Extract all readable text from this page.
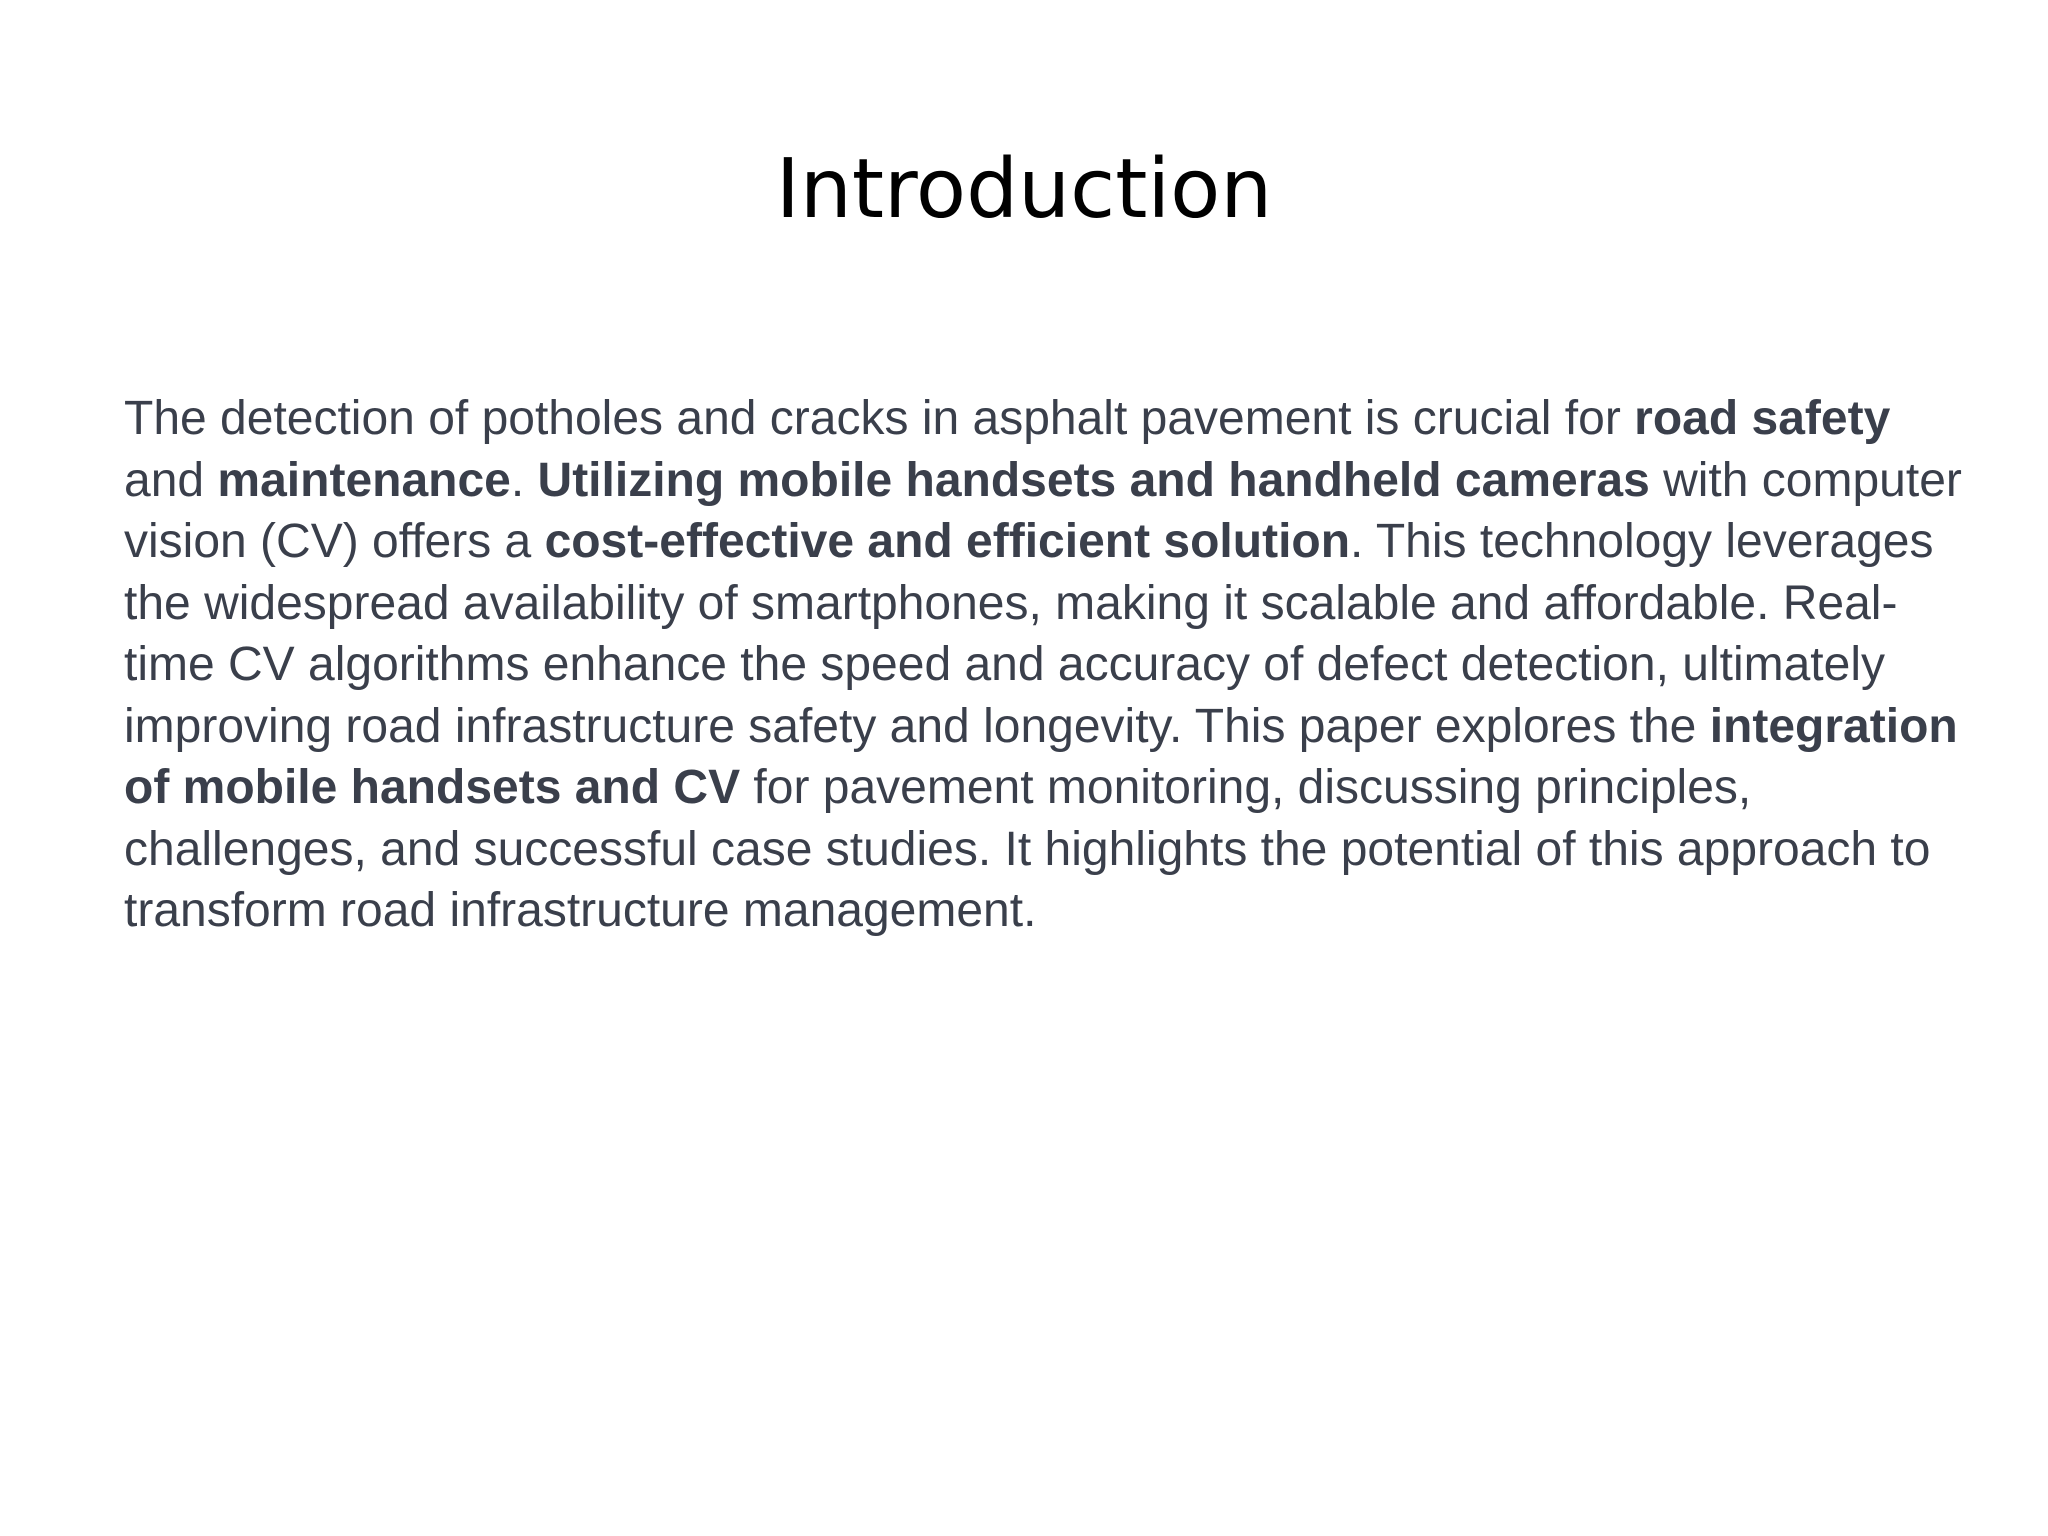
Introduction

The detection of potholes and cracks in asphalt pavement is crucial for road safety and maintenance. Utilizing mobile handsets and handheld cameras with computer vision (CV) offers a cost-effective and efficient solution. This technology leverages the widespread availability of smartphones, making it scalable and affordable. Real-time CV algorithms enhance the speed and accuracy of defect detection, ultimately improving road infrastructure safety and longevity. This paper explores the integration of mobile handsets and CV for pavement monitoring, discussing principles, challenges, and successful case studies. It highlights the potential of this approach to transform road infrastructure management.
